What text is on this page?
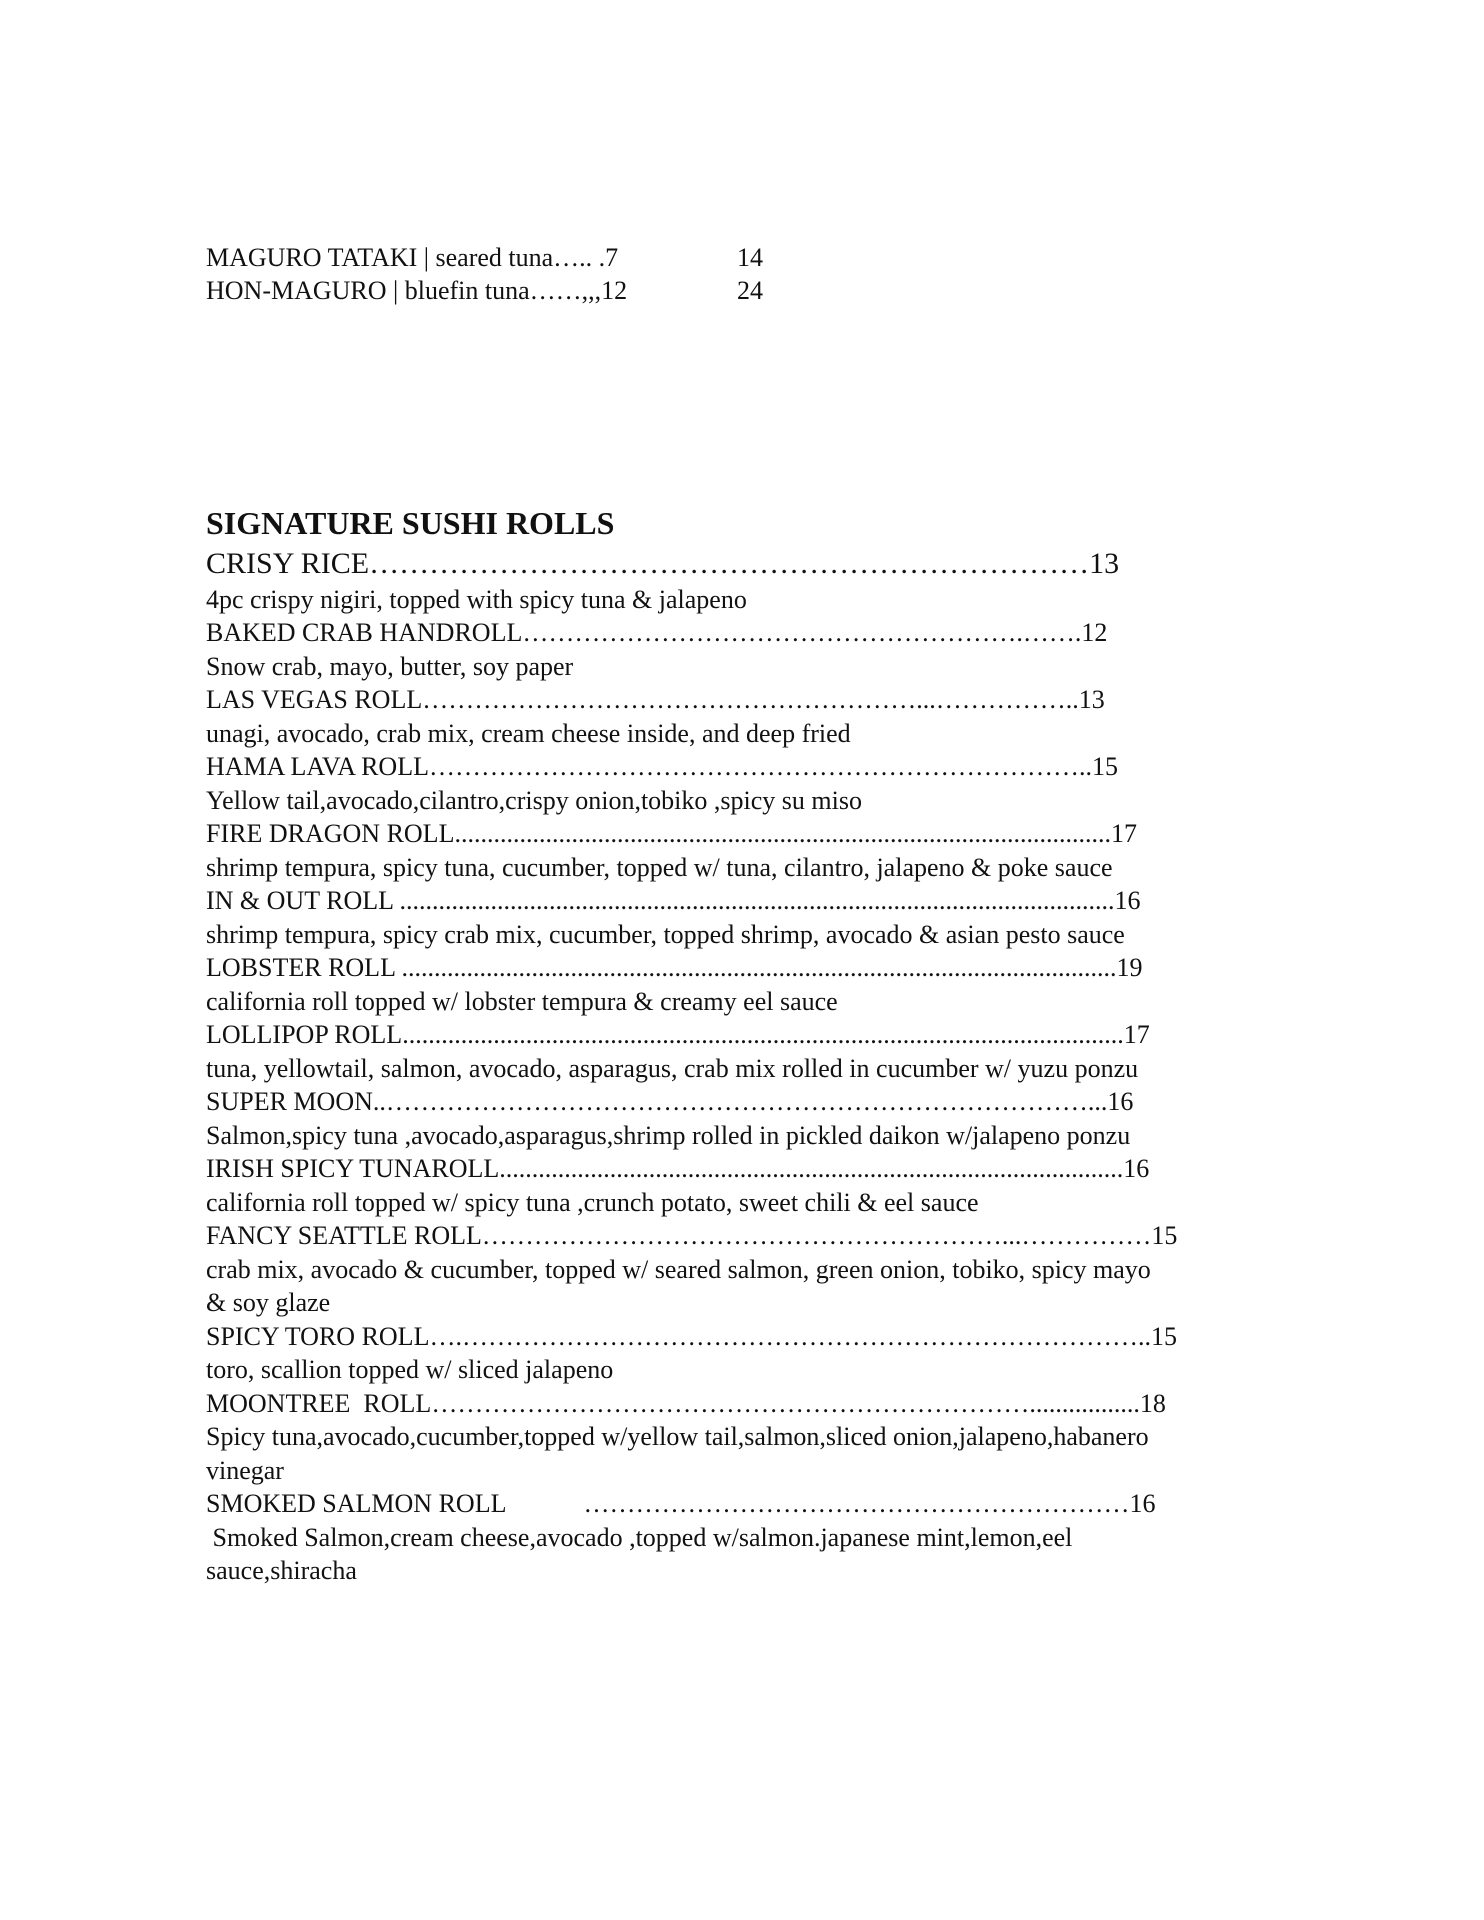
MAGURO TATAKI | seared tuna….. .7	14
HON-MAGURO | bluefin tuna……,,,12	24
SIGNATURE SUSHI ROLLS
CRISY RICE………………………………………………………………13
4pc crispy nigiri, topped with spicy tuna & jalapeno
BAKED CRAB HANDROLL………………………………………………….…….12
Snow crab, mayo, butter, soy paper
LAS VEGAS ROLL…………………………………………………...……………..13
unagi, avocado, crab mix, cream cheese inside, and deep fried
HAMA LAVA ROLL…………………………………………………………………..15
Yellow tail,avocado,cilantro,crispy onion,tobiko ,spicy su miso
FIRE DRAGON ROLL.....................................................................................................17
shrimp tempura, spicy tuna, cucumber, topped w/ tuna, cilantro, jalapeno & poke sauce
IN & OUT ROLL ..............................................................................................................16
shrimp tempura, spicy crab mix, cucumber, topped shrimp, avocado & asian pesto sauce
LOBSTER ROLL ..............................................................................................................19
california roll topped w/ lobster tempura & creamy eel sauce
LOLLIPOP ROLL...............................................................................................................17
tuna, yellowtail, salmon, avocado, asparagus, crab mix rolled in cucumber w/ yuzu ponzu
SUPER MOON..………………………………………………………………………...16
Salmon,spicy tuna ,avocado,asparagus,shrimp rolled in pickled daikon w/jalapeno ponzu
IRISH SPICY TUNAROLL................................................................................................16
california roll topped w/ spicy tuna ,crunch potato, sweet chili & eel sauce
FANCY SEATTLE ROLL……………………………………………………...……………15
crab mix, avocado & cucumber, topped w/ seared salmon, green onion, tobiko, spicy mayo
& soy glaze
SPICY TORO ROLL….……………………………………………………………………..15
toro, scallion topped w/ sliced jalapeno
MOONTREE  ROLL…………………………………………………………….................18
Spicy tuna,avocado,cucumber,topped w/yellow tail,salmon,sliced onion,jalapeno,habanero
vinegar
SMOKED SALMON ROLL            ………………………………………………………16
Smoked Salmon,cream cheese,avocado ,topped w/salmon.japanese mint,lemon,eel
sauce,shiracha
